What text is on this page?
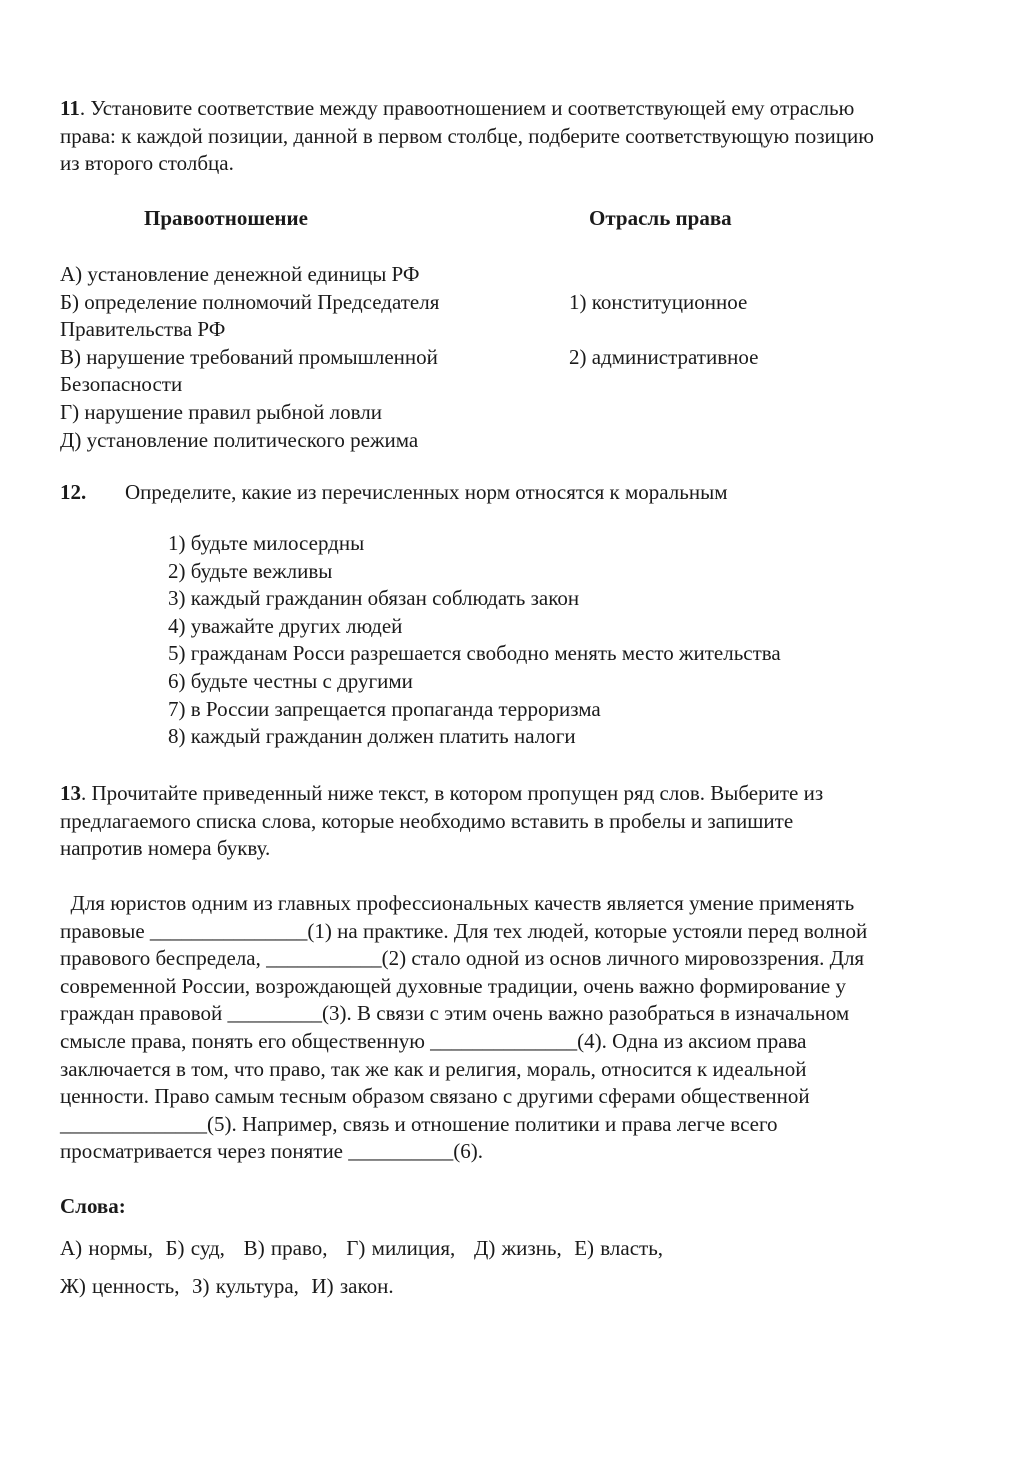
11. Установите соответствие между правоотношением и соответствующей ему отраслью
права: к каждой позиции, данной в первом столбце, подберите соответствующую позицию
из второго столбца.
Правоотношение	Отрасль права
А) установление денежной единицы РФ
Б) определение полномочий Председателя
Правительства РФ
В) нарушение требований промышленной
Безопасности
Г) нарушение правил рыбной ловли
Д) установление политического режима
1) конституционное
2) административное
12. Определите, какие из перечисленных норм относятся к моральным
1) будьте милосердны
2) будьте вежливы
3) каждый гражданин обязан соблюдать закон
4) уважайте других людей
5) гражданам Росси разрешается свободно менять место жительства
6) будьте честны с другими
7) в России запрещается пропаганда терроризма
8) каждый гражданин должен платить налоги
13. Прочитайте приведенный ниже текст, в котором пропущен ряд слов. Выберите из
предлагаемого списка слова, которые необходимо вставить в пробелы и запишите
напротив номера букву.
Для юристов одним из главных профессиональных качеств является умение применять
правовые _______________(1) на практике. Для тех людей, которые устояли перед волной
правового беспредела, ___________(2) стало одной из основ личного мировоззрения. Для
современной России, возрождающей духовные традиции, очень важно формирование у
граждан правовой _________(3). В связи с этим очень важно разобраться в изначальном
смысле права, понять его общественную ______________(4). Одна из аксиом права
заключается в том, что право, так же как и религия, мораль, относится к идеальной
ценности. Право самым тесным образом связано с другими сферами общественной
______________(5). Например, связь и отношение политики и права легче всего
просматривается через понятие __________(6).
Слова:
А) нормы,  Б) суд,   В) право,   Г) милиция,   Д) жизнь,  Е) власть,
Ж) ценность,  З) культура,  И) закон.
